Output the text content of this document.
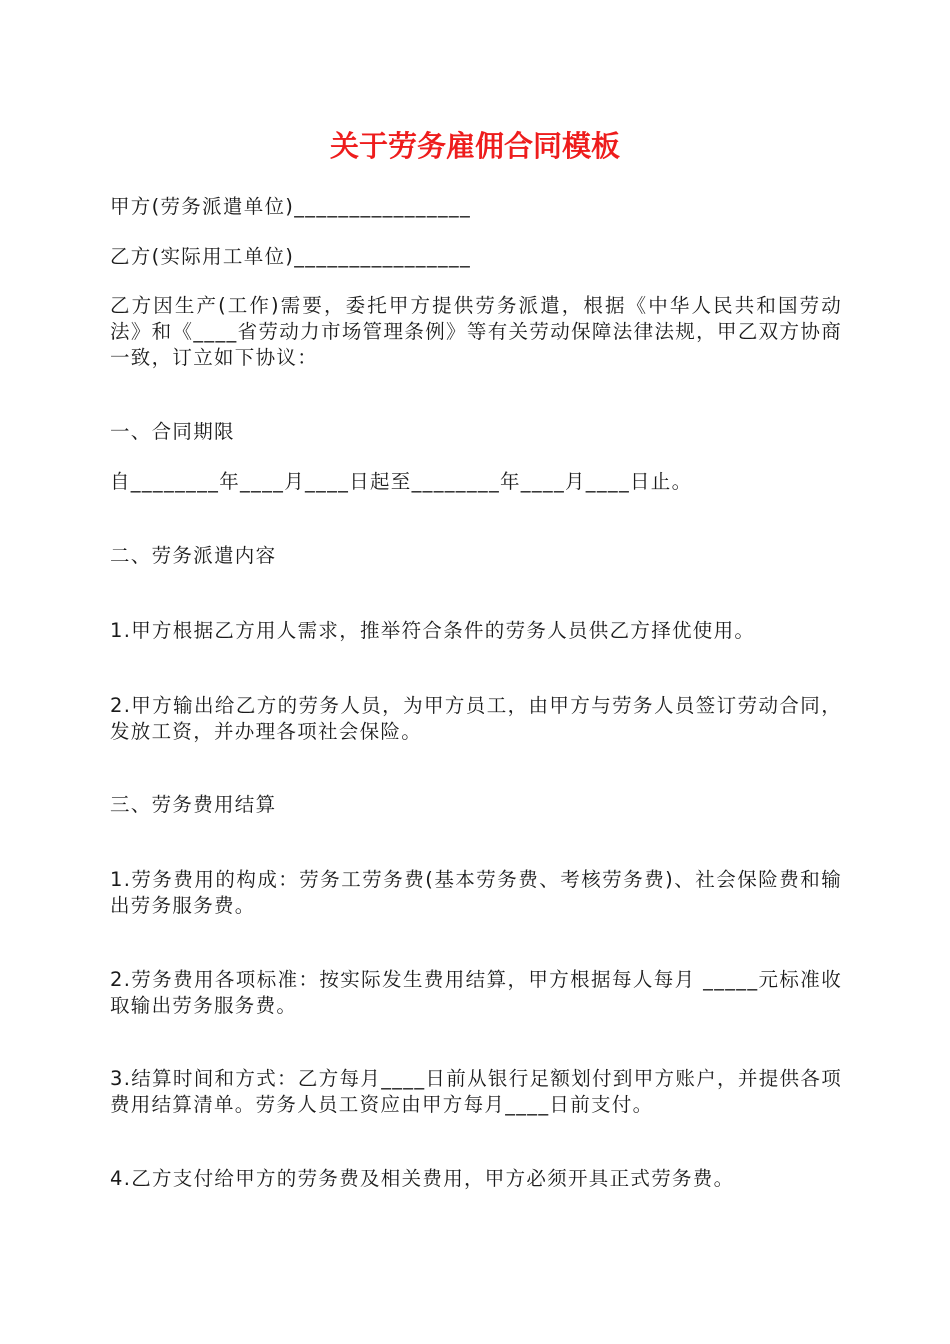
关于劳务雇佣合同模板
甲方(劳务派遣单位)________________
乙方(实际用工单位)________________
乙方因生产(工作)需要，委托甲方提供劳务派遣，根据《中华人民共和国劳动法》和《____省劳动力市场管理条例》等有关劳动保障法律法规，甲乙双方协商一致，订立如下协议：
一、合同期限
自________年____月____日起至________年____月____日止。
二、劳务派遣内容
1.甲方根据乙方用人需求，推举符合条件的劳务人员供乙方择优使用。
2.甲方输出给乙方的劳务人员，为甲方员工，由甲方与劳务人员签订劳动合同，发放工资，并办理各项社会保险。
三、劳务费用结算
1.劳务费用的构成：劳务工劳务费(基本劳务费、考核劳务费)、社会保险费和输出劳务服务费。
2.劳务费用各项标准：按实际发生费用结算，甲方根据每人每月 _____元标准收取输出劳务服务费。
3.结算时间和方式：乙方每月____日前从银行足额划付到甲方账户，并提供各项费用结算清单。劳务人员工资应由甲方每月____日前支付。
4.乙方支付给甲方的劳务费及相关费用，甲方必须开具正式劳务费。
